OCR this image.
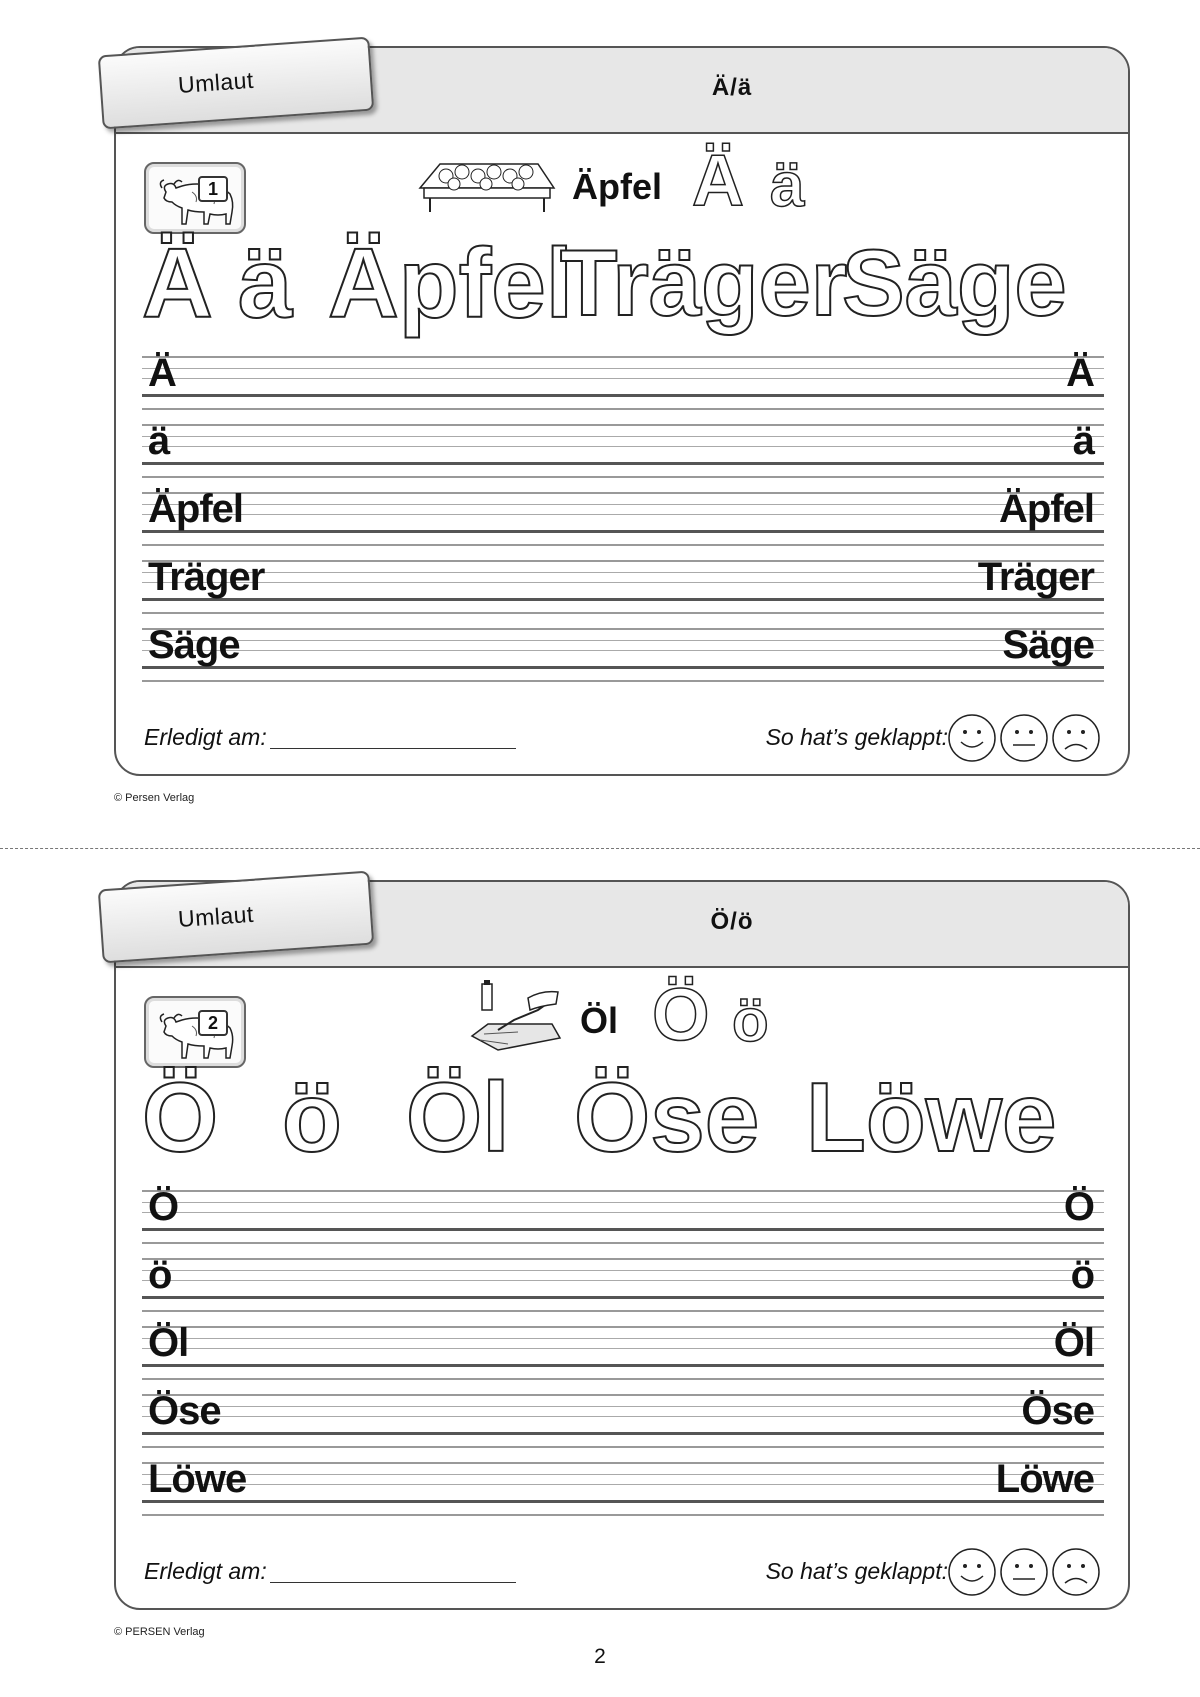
Umlaut	Ä/ä
1	Äpfel Ä ä
Ä ä Äpfel
Träger
Säge
Ä	Ä
ä	ä
Äpfel	Äpfel
Träger	Träger
Säge	Säge
Erledigt am:	So hat’s geklappt:
© Persen Verlag
Umlaut	Ö/ö
2	Öl Ö ö
Ö ö Öl Öse Löwe
Ö	Ö
ö	ö
Öl	Öl
Öse	Öse
Löwe	Löwe
Erledigt am:	So hat’s geklappt:
© PERSEN Verlag
2
